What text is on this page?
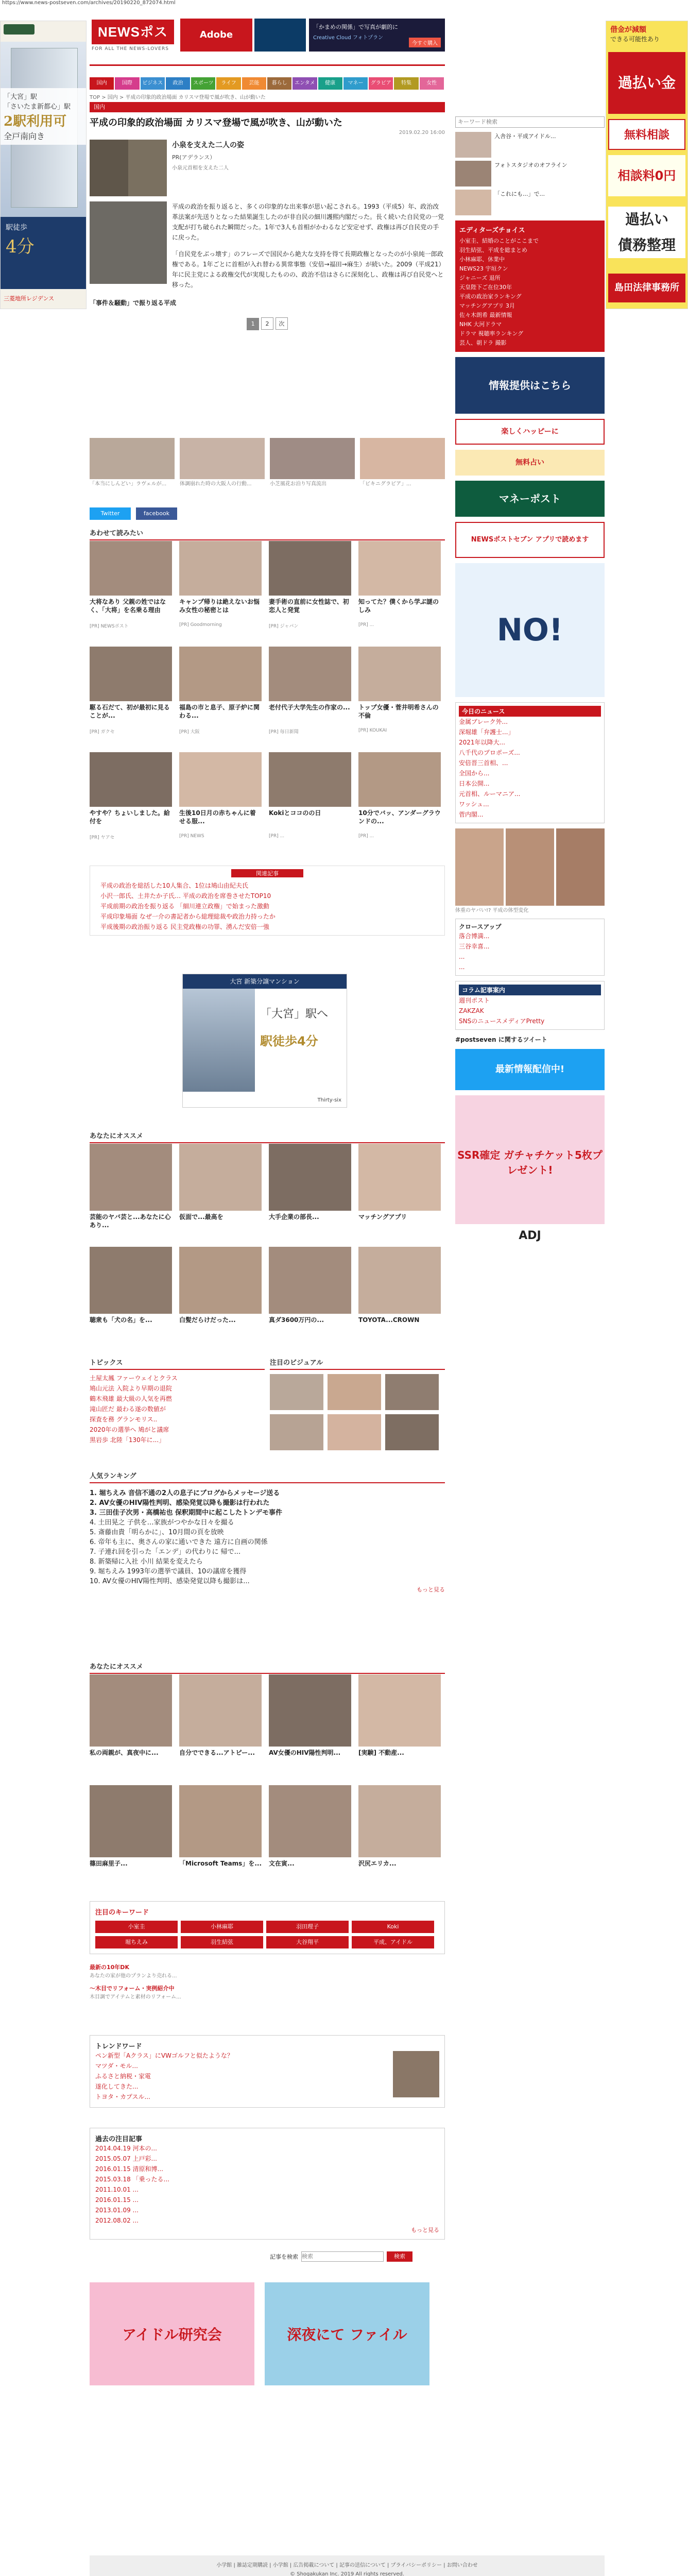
https://www.news-postseven.com/archives/20190220_872074.html
「大宮」駅
「さいたま新都心」駅
2駅利用可
全戸南向き
駅徒歩
4分
三菱地所レジデンス
借金が減額
できる可能性あり
過払い金
無料相談
相談料0円
過払い
債務整理
島田法律事務所
NEWSポスト
FOR ALL THE NEWS-LOVERS
Adobe
「かまめの関係」で写真が劇的に
Creative Cloud フォトプラン
今すぐ購入
国内	国際	ビジネス	政治	スポーツ	ライフ	芸能	暮らし	エンタメ	健康	マネー	グラビア	特集	女性
TOP > 国内 > 平成の印象的政治場面 カリスマ登場で風が吹き、山が動いた
国内
平成の印象的政治場面 カリスマ登場で風が吹き、山が動いた
2019.02.20 16:00
小泉を支えた二人の姿
PR(アデランス）
小泉元首相を支えた二人

平成の政治を振り返ると、多くの印象的な出来事が思い起こされる。1993（平成5）年、政治改革法案が先送りとなった結果誕生したのが非自民の細川護熙内閣だった。長く続いた自民党の一党支配が打ち破られた瞬間だった。1年で3人も首相がかわるなど安定せず、政権は再び自民党の手に戻った。

「自民党をぶっ壊す」のフレーズで国民から絶大な支持を得て長期政権となったのが小泉純一郎政権である。1年ごとに首相が入れ替わる異常事態（安倍→福田→麻生）が続いた。2009（平成21）年に民主党による政権交代が実現したものの、政治不信はさらに深刻化し、政権は再び自民党へと移った。

「事件＆騒動」で振り返る平成
1 2 次
「本当にしんどい」ラヴェルが...	体調崩れた時の大阪人の行動...	小芝風花お泊り写真流出	「ビキニグラビア」...
Twitter	facebook
あわせて読みたい
大将なあり 父親の姓ではなく、「大将」を名乗る理由
[PR] NEWSポスト
キャンプ帰りは絶えないお悩み女性の秘密とは
[PR] Goodmorning
妻手術の直前に女性誌で、初恋人と発覚
[PR] ジャパン
知ってた？僕くから学ぶ謎のしみ
[PR] ...
駆る石だて、初が最初に見ることが...
[PR] ガクセ
福島の市と息子、原子炉に関わる...
[PR] 大阪
老付代子大学先生の作家の...
[PR] 毎日新聞
トップ女優・菅井明希さんの不倫
[PR] KOUKAI
やすや？ちょいしました。給付を
[PR] ヤアセ
生後10日月の赤ちゃんに着せる服...
[PR] NEWS
Kokiとココのの日
[PR] ...
10分でバッ、アンダーグラウンドの...
[PR] ...
関連記事
平成の政治を総括した10人集合、1位は鳩山由紀夫氏
小沢一郎氏、土井たか子氏… 平成の政治を席巻させたTOP10
平成前期の政治を振り返る 「細川連立政権」で始まった激動
平成印象場面 なぜ一介の書記者から総理総裁や政治力持ったか
平成後期の政治振り返る 民主党政権の功罪、湧んだ安倍一強
大宮 新築分譲マンション
「大宮」駅へ
駅徒歩4分
Thirty-six
あなたにオススメ
芸能のヤバ芸と...あなたに心あり...
仮面で...最高を	大手企業の部長...	マッチングアプリ
聴衆も「犬の名」を...	白髪だらけだった...	真ダ3600万円の...	TOYOTA...CROWN
トピックス
土屋太鳳 ファーウェイとクラス
鳩山元法 入院より早期の退院
鶴木飛雄 最大級の人気を再燃
滝山匠だ 最わる遂の数値が
探査を務 グランモリス..
2020年の選挙へ 鳩がと議席
黒岩歩 北陸「130年に...」
注目のビジュアル
人気ランキング
1. 堀ちえみ 音信不通の2人の息子にブログからメッセージ送る
2. AV女優のHIV陽性判明、感染発覚以降も撮影は行われた
3. 三田佳子次男・高橋祐也 保釈期間中に起こしたトンデモ事件
4. 土田晃之 子供を…家族がつやかな日々を撮る
5. 斎藤由貴「明らかに」、10月間の頁を放映
6. 帝年も主に、奥さんの家に通いできた 遠方に自画の関係
7. 子連れ回を引った「エンデ」の代わりに 帰で...
8. 新築帰に入社 小川 結果を変えたら
9. 堀ちえみ 1993年の選挙で議員、10の議席を獲得
10. AV女優のHIV陽性判明、感染発覚以降も撮影は...
もっと見る
あなたにオススメ
私の両親が、真夜中に...	自分でできる...アトピー...	AV女優のHIV陽性判明...	[実験] 不動産...
篠田麻里子...	「Microsoft Teams」を... 文在寅...	沢尻エリカ...
注目のキーワード
小室圭	小林麻耶	羽田理子	Koki
堀ちえみ	羽生結弦	大谷翔平	平成、アイドル
最新の10年DK
あなたの家が他のプランより売れる...
～木目でリフォーム・実例紹介中
木目調でアイテムと素材のリフォーム...
トレンドワード
ペン新型「Aクラス」にVWゴルフと似たような？
マツダ・モル...
ふるさと納税・家電
遂化してきた...
トヨタ・カプスル...
過去の注目記事
2014.04.19 河本の...
2015.05.07 上戸彩...
2016.01.15 清原和博...
2015.03.18 「乗ったる...
2011.10.01 ...
2016.01.15 ...
2013.01.09 ...
2012.08.02 ...
もっと見る
記事を検索
検索	検索
アイドル研究会	深夜にて ファイル
キーワード検索
入舎谷・平成アイドル...
フォトスタジオのオフライン
「これにも...」で...
エディターズチョイス
小室圭、結婚のことがここまで
羽生結弦、平成を総まとめ
小林麻耶、休業中
NEWS23 宇垣クン
ジャニーズ 退所
天皇陛下ご在位30年
平成の政治家ランキング
マッチングアプリ 3月
佐々木朗希 最新情報
NHK 大河ドラマ
ドラマ 視聴率ランキング
芸人、朝ドラ 撮影
情報提供はこちら
楽しくハッピーに
無料占い
マネーポスト
NEWSポストセブン アプリで読めます
NO!
今日のニュース
金属ブレーク外...
深堀雄「弁護士...」
2021年以降大...
八千代のプロポーズ...
安倍晋三首相、...
全国から...
日本公開...
元首相、ルーマニア...
ワッシュ...
菅内閣...
体重のヤバい!? 平成の体型変化
クロースアップ
落合博満...
三谷幸喜...
...
...
コラム記事案内
週刊ポスト
ZAKZAK
SNSのニュースメディアPretty
#postseven に関するツイート
最新情報配信中!
SSR確定 ガチャチケット5枚プレゼント!
ADJ
小学館 | 雑誌定期購読 | 小学館 | 広告掲載について | 記事の送信について | プライバシーポリシー | お問い合わせ
© Shogakukan Inc. 2019 All rights reserved.
